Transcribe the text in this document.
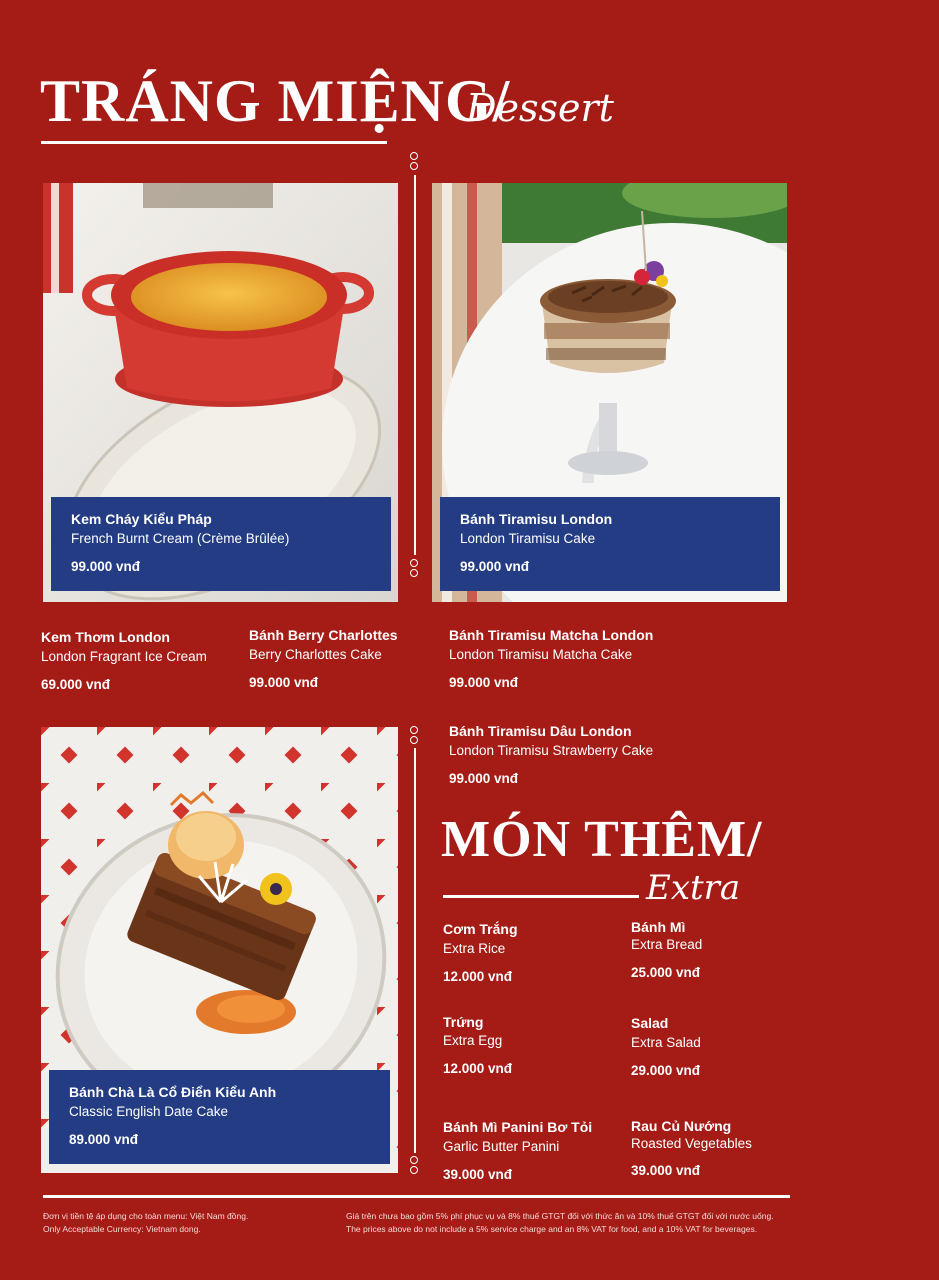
TRÁNG MIỆNG/
Dessert
Kem Cháy Kiểu Pháp
French Burnt Cream (Crème Brûlée)
99.000 vnđ
Bánh Tiramisu London
London Tiramisu Cake
99.000 vnđ
Kem Thơm London
London Fragrant Ice Cream
69.000 vnđ
Bánh Berry Charlottes
Berry Charlottes Cake
99.000 vnđ
Bánh Tiramisu Matcha London
London Tiramisu Matcha Cake
99.000 vnđ
Bánh Tiramisu Dâu London
London Tiramisu Strawberry Cake
99.000 vnđ
Bánh Chà Là Cổ Điển Kiểu Anh
Classic English Date Cake
89.000 vnđ
MÓN THÊM/
Extra
Cơm Trắng
Extra Rice
12.000 vnđ
Bánh Mì
Extra Bread
25.000 vnđ
Trứng
Extra Egg
12.000 vnđ
Salad
Extra Salad
29.000 vnđ
Bánh Mì Panini Bơ Tỏi
Garlic Butter Panini
39.000 vnđ
Rau Củ Nướng
Roasted Vegetables
39.000 vnđ
Đơn vị tiền tệ áp dụng cho toàn menu: Việt Nam đồng.
Only Acceptable Currency: Vietnam dong.
Giá trên chưa bao gồm 5% phí phục vụ và 8% thuế GTGT đối với thức ăn và 10% thuế GTGT đối với nước uống.
The prices above do not include a 5% service charge and an 8% VAT for food, and a 10% VAT for beverages.
